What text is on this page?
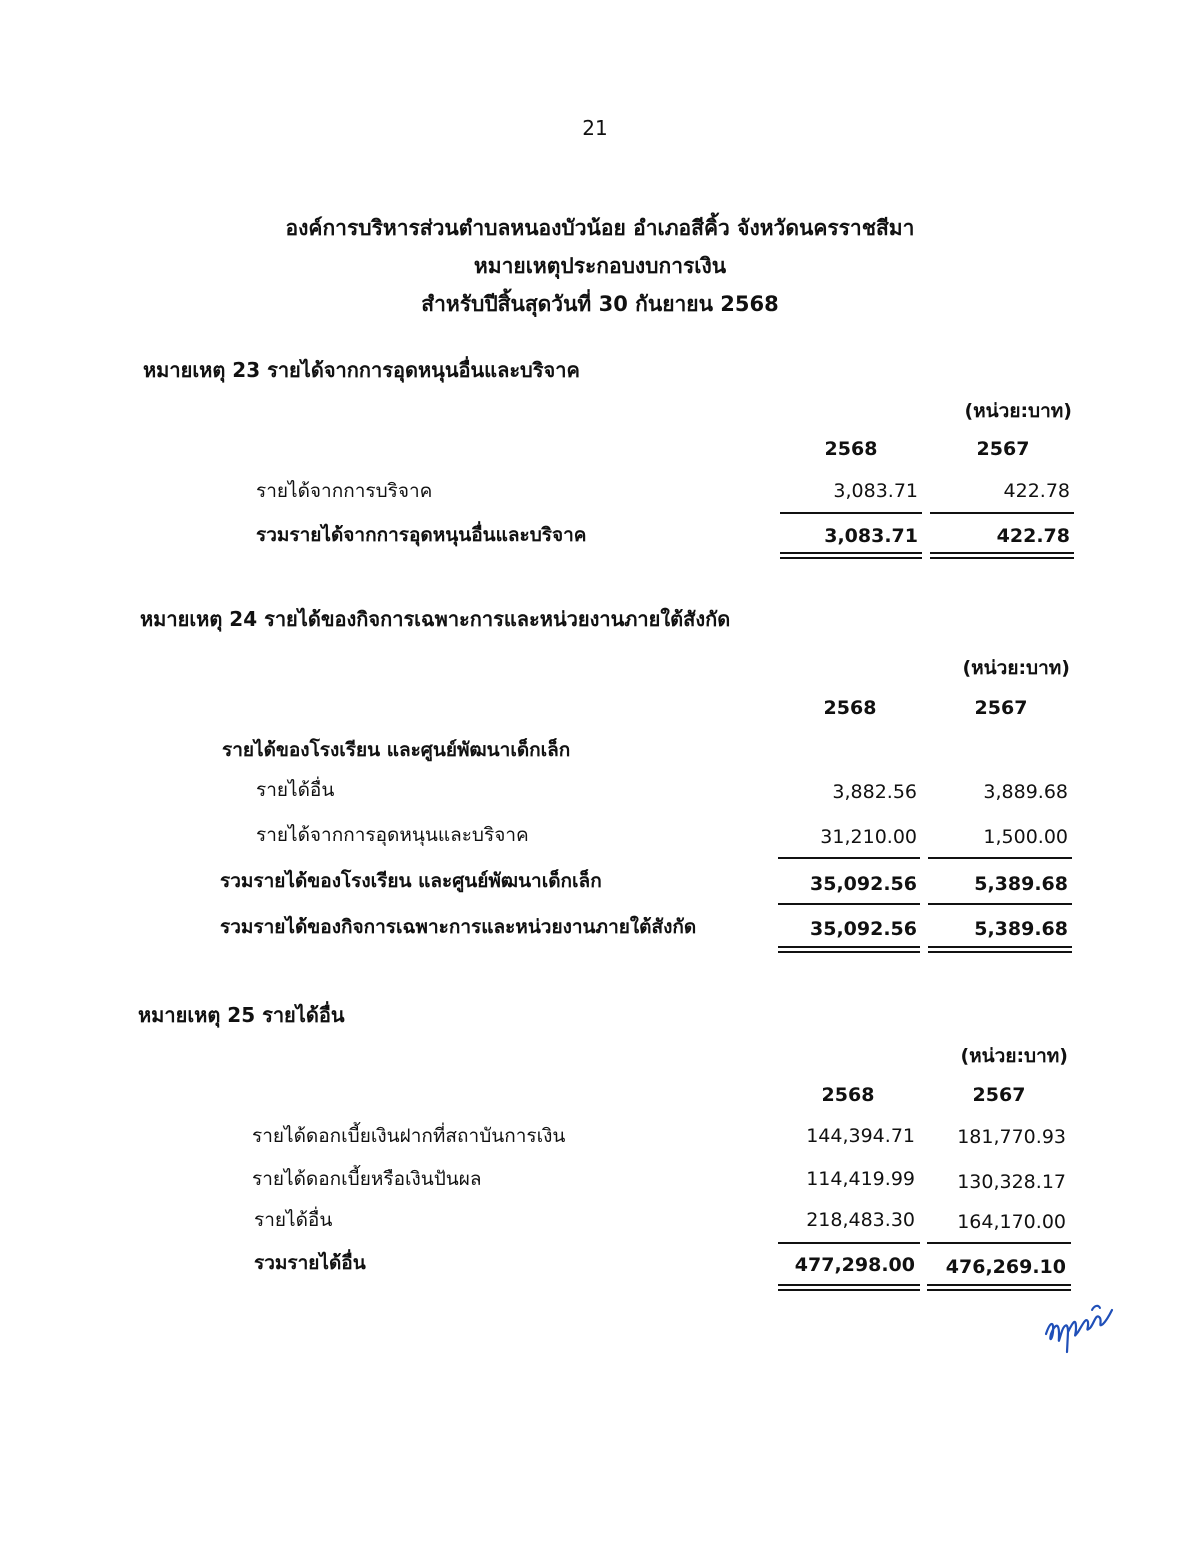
21
องค์การบริหารส่วนตำบลหนองบัวน้อย อำเภอสีคิ้ว จังหวัดนครราชสีมา
หมายเหตุประกอบงบการเงิน
สำหรับปีสิ้นสุดวันที่ 30 กันยายน 2568
หมายเหตุ 23 รายได้จากการอุดหนุนอื่นและบริจาค
(หน่วย:บาท)
2568	2567
รายได้จากการบริจาค	3,083.71	422.78
รวมรายได้จากการอุดหนุนอื่นและบริจาค	3,083.71	422.78
หมายเหตุ 24 รายได้ของกิจการเฉพาะการและหน่วยงานภายใต้สังกัด
(หน่วย:บาท)
2568	2567
รายได้ของโรงเรียน และศูนย์พัฒนาเด็กเล็ก
รายได้อื่น	3,882.56	3,889.68
รายได้จากการอุดหนุนและบริจาค	31,210.00	1,500.00
รวมรายได้ของโรงเรียน และศูนย์พัฒนาเด็กเล็ก	35,092.56	5,389.68
รวมรายได้ของกิจการเฉพาะการและหน่วยงานภายใต้สังกัด	35,092.56	5,389.68
หมายเหตุ 25 รายได้อื่น
(หน่วย:บาท)
2568	2567
รายได้ดอกเบี้ยเงินฝากที่สถาบันการเงิน	144,394.71	181,770.93
รายได้ดอกเบี้ยหรือเงินปันผล	114,419.99	130,328.17
รายได้อื่น	218,483.30	164,170.00
รวมรายได้อื่น	477,298.00	476,269.10
